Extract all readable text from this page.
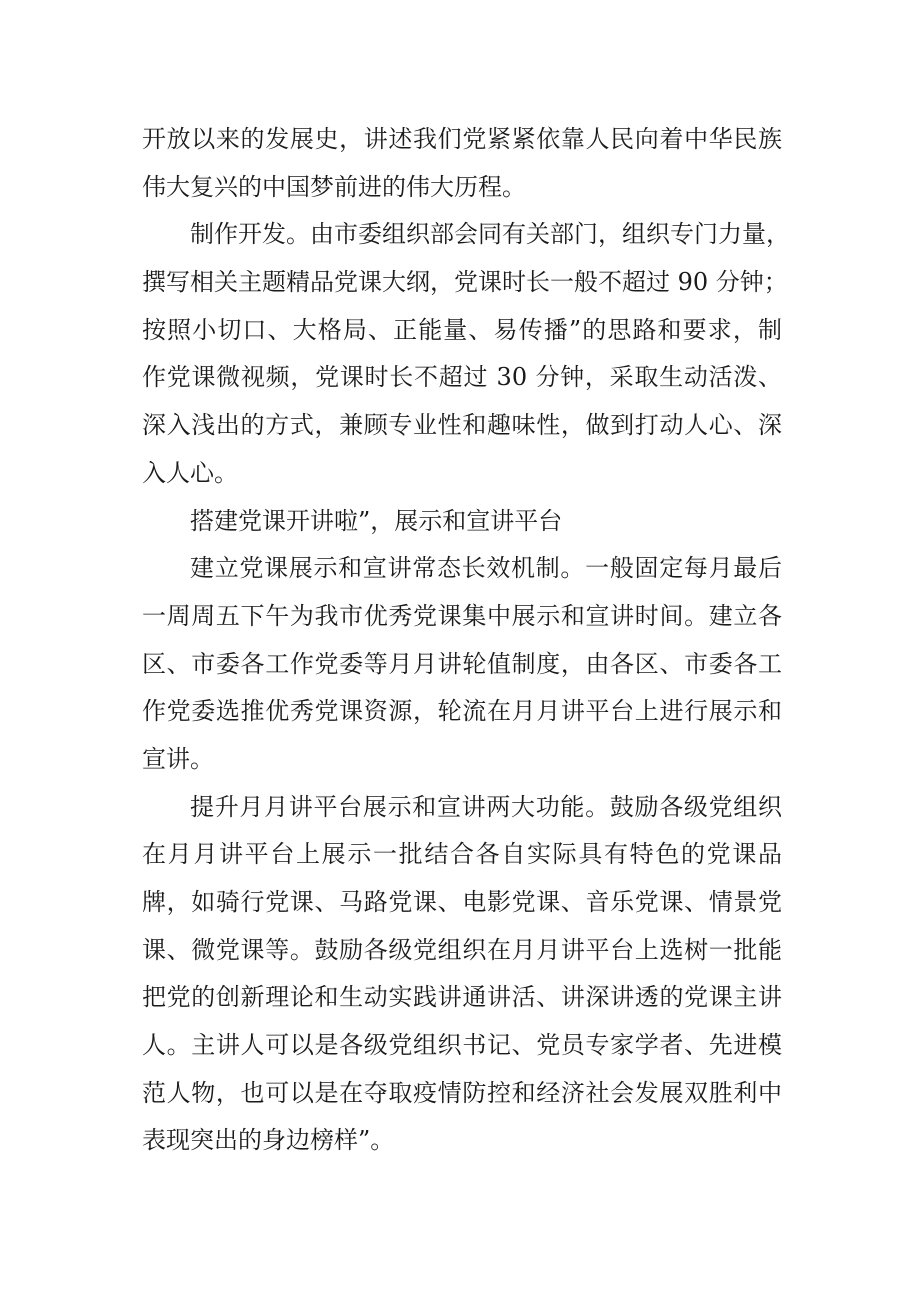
开放以来的发展史，讲述我们党紧紧依靠人民向着中华民族
伟大复兴的中国梦前进的伟大历程。
制作开发。由市委组织部会同有关部门，组织专门力量，
撰写相关主题精品党课大纲，党课时长一般不超过 90 分钟；
按照小切口、大格局、正能量、易传播”的思路和要求，制
作党课微视频，党课时长不超过 30 分钟，采取生动活泼、
深入浅出的方式，兼顾专业性和趣味性，做到打动人心、深
入人心。
搭建党课开讲啦”，展示和宣讲平台
建立党课展示和宣讲常态长效机制。一般固定每月最后
一周周五下午为我市优秀党课集中展示和宣讲时间。建立各
区、市委各工作党委等月月讲轮值制度，由各区、市委各工
作党委选推优秀党课资源，轮流在月月讲平台上进行展示和
宣讲。
提升月月讲平台展示和宣讲两大功能。鼓励各级党组织
在月月讲平台上展示一批结合各自实际具有特色的党课品
牌，如骑行党课、马路党课、电影党课、音乐党课、情景党
课、微党课等。鼓励各级党组织在月月讲平台上选树一批能
把党的创新理论和生动实践讲通讲活、讲深讲透的党课主讲
人。主讲人可以是各级党组织书记、党员专家学者、先进模
范人物，也可以是在夺取疫情防控和经济社会发展双胜利中
表现突出的身边榜样”。
